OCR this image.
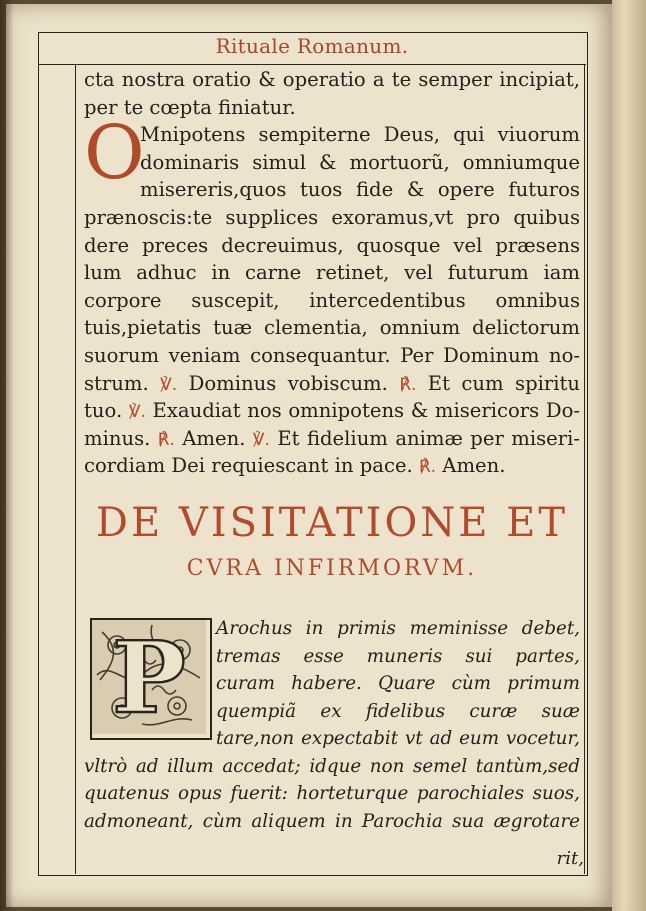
Rituale Romanum.
cta nostra oratio & operatio a te semper incipiat,
per te cœpta finiatur.
Mnipotens sempiterne Deus, qui viuorum
dominaris simul & mortuorũ, omniumque
misereris,quos tuos fide & opere futuros
prænoscis:te supplices exoramus,vt pro quibus
dere preces decreuimus, quosque vel præsens
lum adhuc in carne retinet, vel futurum iam
corpore suscepit, intercedentibus omnibus
tuis,pietatis tuæ clementia, omnium delictorum
suorum veniam consequantur. Per Dominum no-
strum. ℣. Dominus vobiscum. ℟. Et cum spiritu
tuo. ℣. Exaudiat nos omnipotens & misericors Do-
minus. ℟. Amen. ℣. Et fidelium animæ per miseri-
cordiam Dei requiescant in pace. ℟. Amen.
O
DE VISITATIONE ET
CVRA INFIRMORVM.
P	Arochus in primis meminisse debet,
tremas esse muneris sui partes,
curam habere. Quare cùm primum
quempiã ex fidelibus curæ suæ
tare,non expectabit vt ad eum vocetur,
vltrò ad illum accedat; idque non semel tantùm,sed
quatenus opus fuerit: horteturque parochiales suos,
admoneant, cùm aliquem in Parochia sua ægrotare
rit,
